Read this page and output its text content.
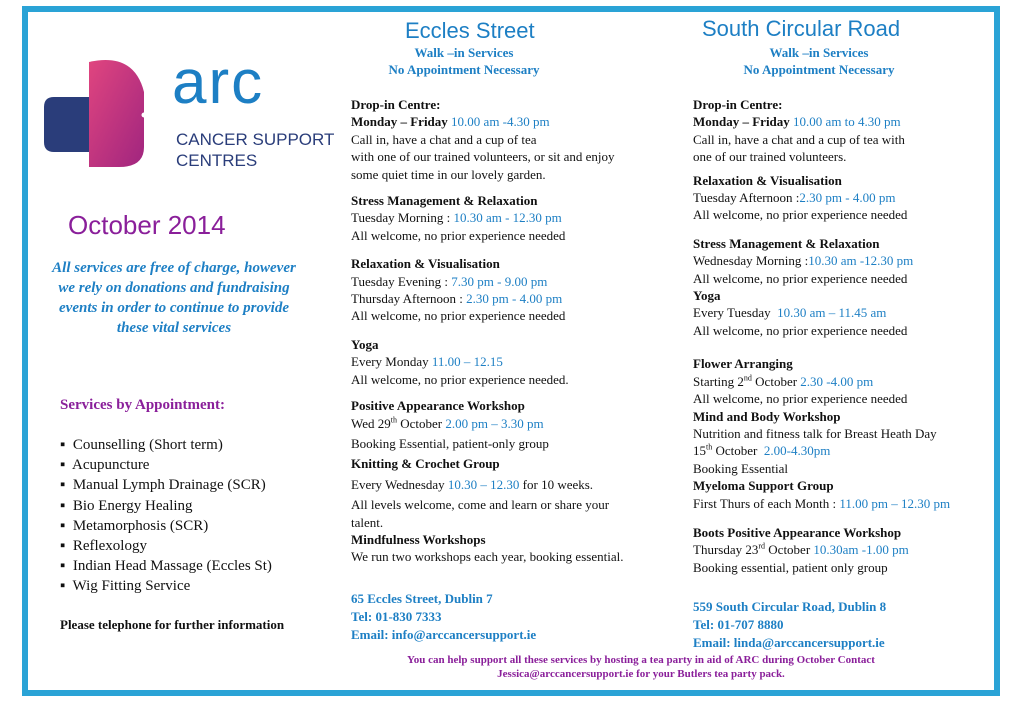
arc
CANCER SUPPORT
CENTRES
October 2014
All services are free of charge, however
we rely on donations and fundraising
events in order to continue to provide
these vital services
Services by Appointment:
▪  Counselling (Short term)
▪  Acupuncture
▪  Manual Lymph Drainage (SCR)
▪  Bio Energy Healing
▪  Metamorphosis (SCR)
▪  Reflexology
▪  Indian Head Massage (Eccles St)
▪  Wig Fitting Service
Please telephone for further information
Eccles Street
Walk –in Services
No Appointment Necessary
Drop-in Centre:
Monday – Friday 10.00 am -4.30 pm
Call in, have a chat and a cup of tea
with one of our trained volunteers, or sit and enjoy
some quiet time in our lovely garden.
Stress Management & Relaxation
Tuesday Morning : 10.30 am - 12.30 pm
All welcome, no prior experience needed
Relaxation & Visualisation
Tuesday Evening : 7.30 pm - 9.00 pm
Thursday Afternoon : 2.30 pm - 4.00 pm
All welcome, no prior experience needed
Yoga
Every Monday 11.00 – 12.15
All welcome, no prior experience needed.
Positive Appearance Workshop
Wed 29th October 2.00 pm – 3.30 pm
Booking Essential, patient-only group
Knitting & Crochet Group
Every Wednesday 10.30 – 12.30 for 10 weeks.
All levels welcome, come and learn or share your
talent.
Mindfulness Workshops
We run two workshops each year, booking essential.
65 Eccles Street, Dublin 7
Tel: 01-830 7333
Email: info@arccancersupport.ie
South Circular Road
Walk –in Services
No Appointment Necessary
Drop-in Centre:
Monday – Friday 10.00 am to 4.30 pm
Call in, have a chat and a cup of tea with
one of our trained volunteers.
Relaxation & Visualisation
Tuesday Afternoon :2.30 pm - 4.00 pm
All welcome, no prior experience needed
Stress Management & Relaxation
Wednesday Morning :10.30 am -12.30 pm
All welcome, no prior experience needed
Yoga
Every Tuesday 10.30 am – 11.45 am
All welcome, no prior experience needed
Flower Arranging
Starting 2nd October 2.30 -4.00 pm
All welcome, no prior experience needed
Mind and Body Workshop
Nutrition and fitness talk for Breast Heath Day
15th October 2.00-4.30pm
Booking Essential
Myeloma Support Group
First Thurs of each Month : 11.00 pm – 12.30 pm
Boots Positive Appearance Workshop
Thursday 23rd October 10.30am -1.00 pm
Booking essential, patient only group
559 South Circular Road, Dublin 8
Tel: 01-707 8880
Email: linda@arccancersupport.ie
You can help support all these services by hosting a tea party in aid of ARC during October Contact
Jessica@arccancersupport.ie for your Butlers tea party pack.
